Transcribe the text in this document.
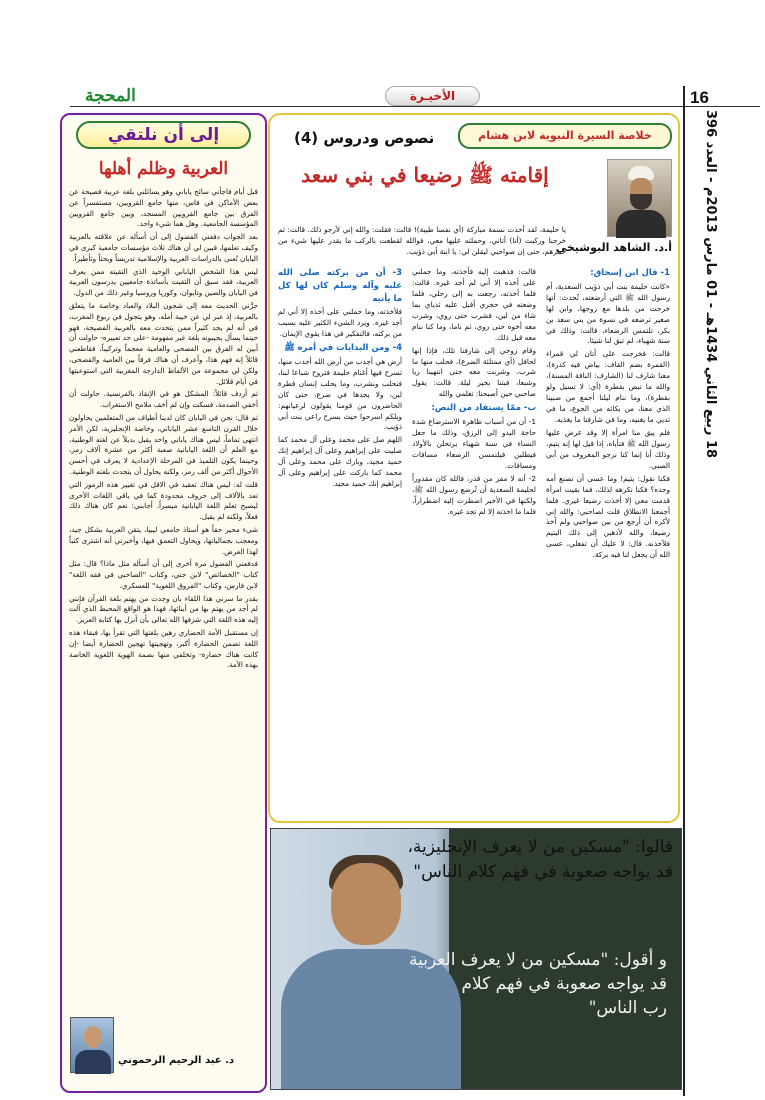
16
18 ربيع الثاني 1434هـ - 01 مارس 2013م - العدد 396
المحجة	الأخيـرة
إلى أن نلتقي
العربية وظلم أهلها

قبل أيام فاجأني سائح ياباني وهو يسائلني بلغة عربية فصيحة عن بعض الأماكن في فاس، منها جامع القرويين، مستفسراً عن الفرق بين جامع القرويين المسجد، وبين جامع القرويين المؤسسة الجامعية. وهل هما شيء واحد.

بعد الجواب دفعني الفضول إلى أن أسأله عن علاقته بالعربية وكيف تعلمها، فبين لي أن هناك ثلاث مؤسسات جامعية كبرى في اليابان تُعنى بالدراسات العربية والإسلامية تدريساً وبحثاً وتأطيراً.

ليس هذا الشخص الياباني الوحيد الذي التقيته ممن يعرف العربية، فقد سبق أن التقيت بأساتذة جامعيين يدرسون العربية في اليابان والصين وتايوان، وكوريا وروسيا وغير ذلك من الدول.

جرَّني الحديث معه إلى شجون البلاد والعباد وخاصة ما يتعلق بالعربية، إذ عبر لي عن خيبة أمله، وهو يتجول في ربوع المغرب، في أنه لم يجد كثيراً ممن يتحدث معه بالعربية الفصيحة، فهو حينما يسأل يجيبونه بلغة غير مفهومة -على حد تعبيره- حاولت أن أبين له الفرق بين الفصحى والعامية معجماً وتركيباً، فقاطعني قائلاً إنه فهم هذا، وأعرف أن هناك فرقاً بين العامية والفصحى، ولكن لي مجموعة من الألفاظ الدارجة المغربية التي استوعبتها في أيام قلائل.

ثم أردف قائلاً: المشكل هو في الإنقاذ بالفرنسية. حاولت أن أخفي الصدمة، فسكت وإن لم أخف ملامح الاستغراب.

ثم قال: نحن في اليابان كان لدينا أطياف من المتعلمين يحاولون خلال القرن التاسع عشر الياباني، وخاصة الإنجليزية، لكن الأمر انتهى تماماً، ليس هناك ياباني واحد يقبل بديلاً عن لغته الوطنية، مع العلم أن اللغة اليابانية صعبة أكثر من عشرة آلاف رمز، وحينما يكون التلميذ في المرحلة الإعدادية لا يعرف في أحسن الأحوال أكثر من ألف رمز، ولكنه يحاول أن يتحدث بلغته الوطنية.

قلت له: ليس هناك تعقيد في الاقل في تغيير هذه الرموز التي تعد بالآلاف إلى حروف محدودة كما في باقي اللغات الأخرى ليصبح تعلم اللغة اليابانية ميسراً. أجابني: نعم كان هناك ذلك فعلاً، ولكنه لم يقبل.

شيء محير حقاً هو أستاذ جامعي ليبيا، يتقن العربية بشكل جيد، ومعجب بجمالياتها، ويحاول التعمق فيها، وأخبرني أنه اشترى كتباً لهذا الغرض.

فدفعني الفضول مرة أخرى إلى أن أسأله مثل ماذا؟ قال: مثل كتاب "الخصائص" لابن جني، وكتاب "الصاحبي في فقه اللغة" لابن فارس، وكتاب "الفروق اللغوية" للعسكري.

بقدر ما سرني هذا اللقاء بان وجدت من يهتم بلغة القرآن فإنني لم أجد من يهتم بها من أبنائها، فهذا هو الواقع المحبط الذي آلت إليه هذه اللغة التي شرفها الله تعالى بأن أنزل بها كتابه العزيز.

إن مستقبل الأمة الحضاري رهين بلغتها التي تقرأ بها، فبقاء هذه اللغة تضمن الحضارة أكبر، وتهجيتها تهجين الحضارة أيضا -إن كانت هناك حضارة- وتخلفي منها بصمة الهوية اللغوية الخاصة بهذه الأمة.

د. عبد الرحيم الرحموني
خلاصة السيرة النبوية لابن هشام
نصوص ودروس (4)
إقامته ﷺ رضيعا في بني سعد
أ.د. الشاهد البوشيخي
يا حليمة، لقد أخذت نسمة مباركة (أي نفسا طيبة)! قالت: فقلت: والله إني لأرجو ذلك. قالت: ثم خرجنا وركبت (أنا) أتاني، وحملته عليها معي، فوالله لقطعت بالركب ما يقدر عليها شيء من حمرهم، حتى إن صواحبي ليقلن لي: يا ابنة أبي ذؤيب.
1- قال ابن إسحاق:

«كانت حليمة بنت أبي ذؤيب السعدية، أم رسول الله ﷺ التي أرضعته، تُحدث: أنها خرجت من بلدها مع زوجها، وابن لها صغير ترضعه في نسوة من بني سعد بن بكر، تلتمس الرضعاء، قالت: وذلك في سنة شهباء، لم تبق لنا شيئا.

قالت: فخرجت على أتان لي قمراء (القمرة بضم القاف: بياض فيه كدرة)، معنا شارف لنا (الشارف: الناقة المسنة)، والله ما تبض بقطرة (أي: لا تسيل ولو بقطرة)، وما ننام ليلنا أجمع من صبينا الذي معنا، من بكائه من الجوع، ما في ثديي ما يغنيه، وما في شارفنا ما يغذيه.

فلم يبق منا امرأة إلا وقد عرض عليها رسول الله ﷺ فتأباه، إذا قيل لها إنه يتيم، وذلك أنا إنما كنا نرجو المعروف من أبي الصبي.

فكنا نقول: يتيم! وما عسى أن تصنع أمه وجده؟ فكنا نكرهه لذلك، فما بقيت امرأة قدمت معي إلا أخذت رضيعا غيري. فلما أجمعنا الانطلاق قلت لصاحبي: والله إني لأكره أن أرجع من بين صواحبي ولم آخذ رضيعا، والله لأذهبن إلى ذلك اليتيم فلآخذنه. قال: لا عليك أن تفعلي، عسى الله أن يجعل لنا فيه بركة.

قالت: فذهبت إليه فأخذته، وما حملني على أخذه إلا أني لم أجد غيره. قالت: فلما أخذته، رجعت به إلى رحلي، فلما وضعته في حجري أقبل عليه ثدياي بما شاء من لبن، فشرب حتى روي، وشرب معه أخوه حتى روي، ثم ناما، وما كنا ننام معه قبل ذلك.

وقام زوجي إلى شارفنا تلك، فإذا إنها لحافل (أي ممتلئة الضرع)، فحلب منها ما شرب، وشربت معه حتى انتهينا ريا وشبعا، فبتنا بخير ليلة. قالت: يقول صاحبي حين أصبحنا: تعلمي والله

ب- ممّا يستفاد من النص:

1- أن من أسباب ظاهرة الاسترضاع شدة حاجة البدو إلى الرزق، وذلك ما جعل النساء في سنة شهباء يرتحلن بالأولاد فيطلبن فيلتمسن الرضعاء مسافات ومسافات.

2- أنه لا مفر من قدر، فالله كان مقدوراً لحليمة السعدية أن تُرضع رسول الله ﷺ، ولكنها في الأخير اضطرت إليه اضطراراً، فلما ما اخذته إلا لم تجد غيره.

3- أن من بركته صلى الله عليه وآله وسلم كان لها كل ما يأتيه

فلأخذته، وما حملني على أخذه إلا أني لم أجد غيره. ويرد الشيء الكثير عليه بسبب من بركته، فالتفكير في هذا يقوي الإيمان.

4- ومن البدايات في أمره ﷺ

أرض هي أجدب من أرض الله أجدب منها، تسرح فيها أغنام حليمة فتروح شباعا لبنا، فنحلب ونشرب، وما يحلب إنسان قطرة لبن، ولا يجدها في ضرع، حتى كان الحاضرون من قومنا يقولون لرعيانهم: ويلكم اسرحوا حيث يسرح راعي بنت أبي ذؤيب.

اللهم صل على محمد وعلى آل محمد كما صليت على إبراهيم وعلى آل إبراهيم إنك حميد مجيد، وبارك على محمد وعلى آل محمد كما باركت على إبراهيم وعلى آل إبراهيم إنك حميد مجيد.

قالوا: "مسكين من لا يعرف الإنجليزية،
قد يواجه صعوبة في فهم كلام الناس"
و أقول: "مسكين من لا يعرف العربية
قد يواجه صعوبة في فهم كلام
رب الناس"
